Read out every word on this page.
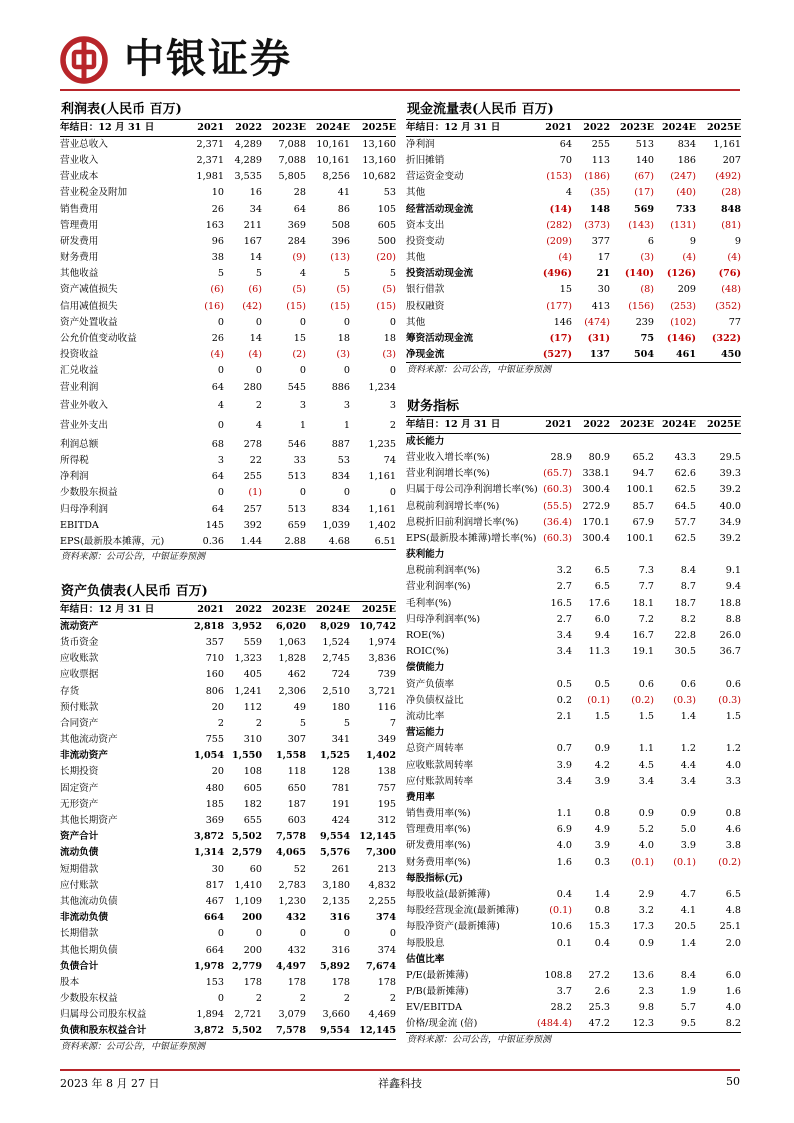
中银证券
利润表(人民币 百万)
年结日：12 月 31 日	2021	2022	2023E	2024E	2025E
营业总收入	2,371	4,289	7,088	10,161	13,160
营业收入	2,371	4,289	7,088	10,161	13,160
营业成本	1,981	3,535	5,805	8,256	10,682
营业税金及附加	10	16	28	41	53
销售费用	26	34	64	86	105
管理费用	163	211	369	508	605
研发费用	96	167	284	396	500
财务费用	38	14	(9)	(13)	(20)
其他收益	5	5	4	5	5
资产减值损失	(6)	(6)	(5)	(5)	(5)
信用减值损失	(16)	(42)	(15)	(15)	(15)
资产处置收益	0	0	0	0	0
公允价值变动收益	26	14	15	18	18
投资收益	(4)	(4)	(2)	(3)	(3)
汇兑收益	0	0	0	0	0
营业利润	64	280	545	886	1,234
营业外收入	4	2	3	3	3
营业外支出	0	4	1	1	2
利润总额	68	278	546	887	1,235
所得税	3	22	33	53	74
净利润	64	255	513	834	1,161
少数股东损益	0	(1)	0	0	0
归母净利润	64	257	513	834	1,161
EBITDA	145	392	659	1,039	1,402
EPS(最新股本摊薄，元)	0.36	1.44	2.88	4.68	6.51
资料来源：公司公告，中银证券预测
资产负债表(人民币 百万)
年结日：12 月 31 日	2021	2022	2023E	2024E	2025E
流动资产	2,818	3,952	6,020	8,029	10,742
货币资金	357	559	1,063	1,524	1,974
应收账款	710	1,323	1,828	2,745	3,836
应收票据	160	405	462	724	739
存货	806	1,241	2,306	2,510	3,721
预付账款	20	112	49	180	116
合同资产	2	2	5	5	7
其他流动资产	755	310	307	341	349
非流动资产	1,054	1,550	1,558	1,525	1,402
长期投资	20	108	118	128	138
固定资产	480	605	650	781	757
无形资产	185	182	187	191	195
其他长期资产	369	655	603	424	312
资产合计	3,872	5,502	7,578	9,554	12,145
流动负债	1,314	2,579	4,065	5,576	7,300
短期借款	30	60	52	261	213
应付账款	817	1,410	2,783	3,180	4,832
其他流动负债	467	1,109	1,230	2,135	2,255
非流动负债	664	200	432	316	374
长期借款	0	0	0	0	0
其他长期负债	664	200	432	316	374
负债合计	1,978	2,779	4,497	5,892	7,674
股本	153	178	178	178	178
少数股东权益	0	2	2	2	2
归属母公司股东权益	1,894	2,721	3,079	3,660	4,469
负债和股东权益合计	3,872	5,502	7,578	9,554	12,145
资料来源：公司公告，中银证券预测
现金流量表(人民币 百万)
年结日：12 月 31 日	2021	2022	2023E	2024E	2025E
净利润	64	255	513	834	1,161
折旧摊销	70	113	140	186	207
营运资金变动	(153)	(186)	(67)	(247)	(492)
其他	4	(35)	(17)	(40)	(28)
经营活动现金流	(14)	148	569	733	848
资本支出	(282)	(373)	(143)	(131)	(81)
投资变动	(209)	377	6	9	9
其他	(4)	17	(3)	(4)	(4)
投资活动现金流	(496)	21	(140)	(126)	(76)
银行借款	15	30	(8)	209	(48)
股权融资	(177)	413	(156)	(253)	(352)
其他	146	(474)	239	(102)	77
筹资活动现金流	(17)	(31)	75	(146)	(322)
净现金流	(527)	137	504	461	450
资料来源：公司公告，中银证券预测
财务指标
年结日：12 月 31 日	2021	2022	2023E	2024E	2025E
成长能力					
营业收入增长率(%)	28.9	80.9	65.2	43.3	29.5
营业利润增长率(%)	(65.7)	338.1	94.7	62.6	39.3
归属于母公司净利润增长率(%)	(60.3)	300.4	100.1	62.5	39.2
息税前利润增长率(%)	(55.5)	272.9	85.7	64.5	40.0
息税折旧前利润增长率(%)	(36.4)	170.1	67.9	57.7	34.9
EPS(最新股本摊薄)增长率(%)	(60.3)	300.4	100.1	62.5	39.2
获利能力					
息税前利润率(%)	3.2	6.5	7.3	8.4	9.1
营业利润率(%)	2.7	6.5	7.7	8.7	9.4
毛利率(%)	16.5	17.6	18.1	18.7	18.8
归母净利润率(%)	2.7	6.0	7.2	8.2	8.8
ROE(%)	3.4	9.4	16.7	22.8	26.0
ROIC(%)	3.4	11.3	19.1	30.5	36.7
偿债能力					
资产负债率	0.5	0.5	0.6	0.6	0.6
净负债权益比	0.2	(0.1)	(0.2)	(0.3)	(0.3)
流动比率	2.1	1.5	1.5	1.4	1.5
营运能力					
总资产周转率	0.7	0.9	1.1	1.2	1.2
应收账款周转率	3.9	4.2	4.5	4.4	4.0
应付账款周转率	3.4	3.9	3.4	3.4	3.3
费用率					
销售费用率(%)	1.1	0.8	0.9	0.9	0.8
管理费用率(%)	6.9	4.9	5.2	5.0	4.6
研发费用率(%)	4.0	3.9	4.0	3.9	3.8
财务费用率(%)	1.6	0.3	(0.1)	(0.1)	(0.2)
每股指标(元)					
每股收益(最新摊薄)	0.4	1.4	2.9	4.7	6.5
每股经营现金流(最新摊薄)	(0.1)	0.8	3.2	4.1	4.8
每股净资产(最新摊薄)	10.6	15.3	17.3	20.5	25.1
每股股息	0.1	0.4	0.9	1.4	2.0
估值比率					
P/E(最新摊薄)	108.8	27.2	13.6	8.4	6.0
P/B(最新摊薄)	3.7	2.6	2.3	1.9	1.6
EV/EBITDA	28.2	25.3	9.8	5.7	4.0
价格/现金流 (倍)	(484.4)	47.2	12.3	9.5	8.2
资料来源：公司公告，中银证券预测
2023 年 8 月 27 日	祥鑫科技	50
